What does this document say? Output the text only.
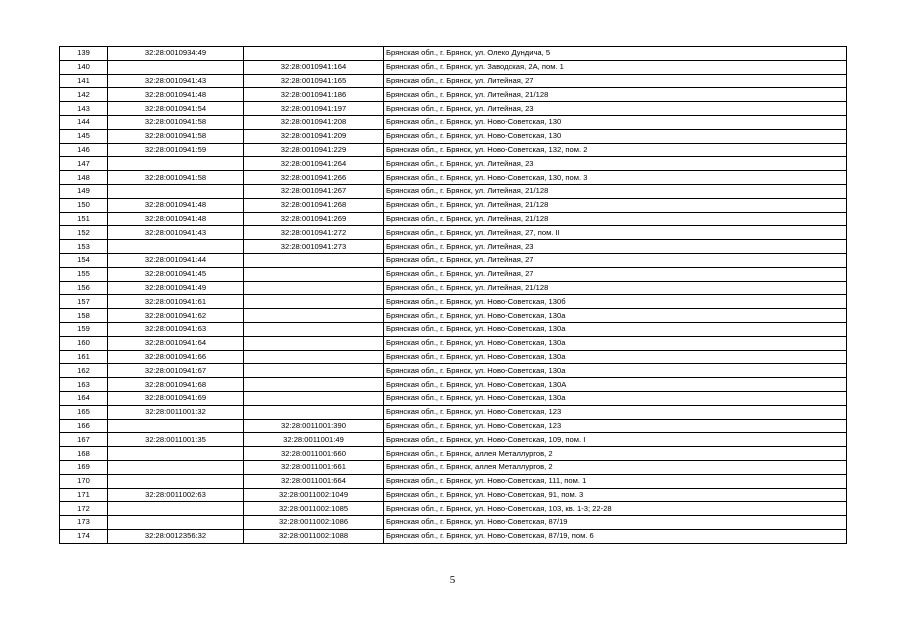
139	32:28:0010934:49		Брянская обл., г. Брянск, ул. Олеко Дундича, 5
140		32:28:0010941:164	Брянская обл., г. Брянск, ул. Заводская, 2А, пом. 1
141	32:28:0010941:43	32:28:0010941:165	Брянская обл., г. Брянск, ул. Литейная, 27
142	32:28:0010941:48	32:28:0010941:186	Брянская обл., г. Брянск, ул. Литейная, 21/128
143	32:28:0010941:54	32:28:0010941:197	Брянская обл., г. Брянск, ул. Литейная, 23
144	32:28:0010941:58	32:28:0010941:208	Брянская обл., г. Брянск, ул. Ново-Советская, 130
145	32:28:0010941:58	32:28:0010941:209	Брянская обл., г. Брянск, ул. Ново-Советская, 130
146	32:28:0010941:59	32:28:0010941:229	Брянская обл., г. Брянск, ул. Ново-Советская, 132, пом. 2
147		32:28:0010941:264	Брянская обл., г. Брянск, ул. Литейная, 23
148	32:28:0010941:58	32:28:0010941:266	Брянская обл., г. Брянск, ул. Ново-Советская, 130, пом. 3
149		32:28:0010941:267	Брянская обл., г. Брянск, ул. Литейная, 21/128
150	32:28:0010941:48	32:28:0010941:268	Брянская обл., г. Брянск, ул. Литейная, 21/128
151	32:28:0010941:48	32:28:0010941:269	Брянская обл., г. Брянск, ул. Литейная, 21/128
152	32:28:0010941:43	32:28:0010941:272	Брянская обл., г. Брянск, ул. Литейная, 27, пом. II
153		32:28:0010941:273	Брянская обл., г. Брянск, ул. Литейная, 23
154	32:28:0010941:44		Брянская обл., г. Брянск, ул. Литейная, 27
155	32:28:0010941:45		Брянская обл., г. Брянск, ул. Литейная, 27
156	32:28:0010941:49		Брянская обл., г. Брянск, ул. Литейная, 21/128
157	32:28:0010941:61		Брянская обл., г. Брянск, ул. Ново-Советская, 130б
158	32:28:0010941:62		Брянская обл., г. Брянск, ул. Ново-Советская, 130а
159	32:28:0010941:63		Брянская обл., г. Брянск, ул. Ново-Советская, 130а
160	32:28:0010941:64		Брянская обл., г. Брянск, ул. Ново-Советская, 130а
161	32:28:0010941:66		Брянская обл., г. Брянск, ул. Ново-Советская, 130а
162	32:28:0010941:67		Брянская обл., г. Брянск, ул. Ново-Советская, 130а
163	32:28:0010941:68		Брянская обл., г. Брянск, ул. Ново-Советская, 130А
164	32:28:0010941:69		Брянская обл., г. Брянск, ул. Ново-Советская, 130а
165	32:28:0011001:32		Брянская обл., г. Брянск, ул. Ново-Советская, 123
166		32:28:0011001:390	Брянская обл., г. Брянск, ул. Ново-Советская, 123
167	32:28:0011001:35	32:28:0011001:49	Брянская обл., г. Брянск, ул. Ново-Советская, 109, пом. I
168		32:28:0011001:660	Брянская обл., г. Брянск, аллея Металлургов, 2
169		32:28:0011001:661	Брянская обл., г. Брянск, аллея Металлургов, 2
170		32:28:0011001:664	Брянская обл., г. Брянск, ул. Ново-Советская, 111, пом. 1
171	32:28:0011002:63	32:28:0011002:1049	Брянская обл., г. Брянск, ул. Ново-Советская, 91, пом. 3
172		32:28:0011002:1085	Брянская обл., г. Брянск, ул. Ново-Советская, 103, кв. 1-3; 22-28
173		32:28:0011002:1086	Брянская обл., г. Брянск, ул. Ново-Советская, 87/19
174	32:28:0012356:32	32:28:0011002:1088	Брянская обл., г. Брянск, ул. Ново-Советская, 87/19, пом. 6
5
